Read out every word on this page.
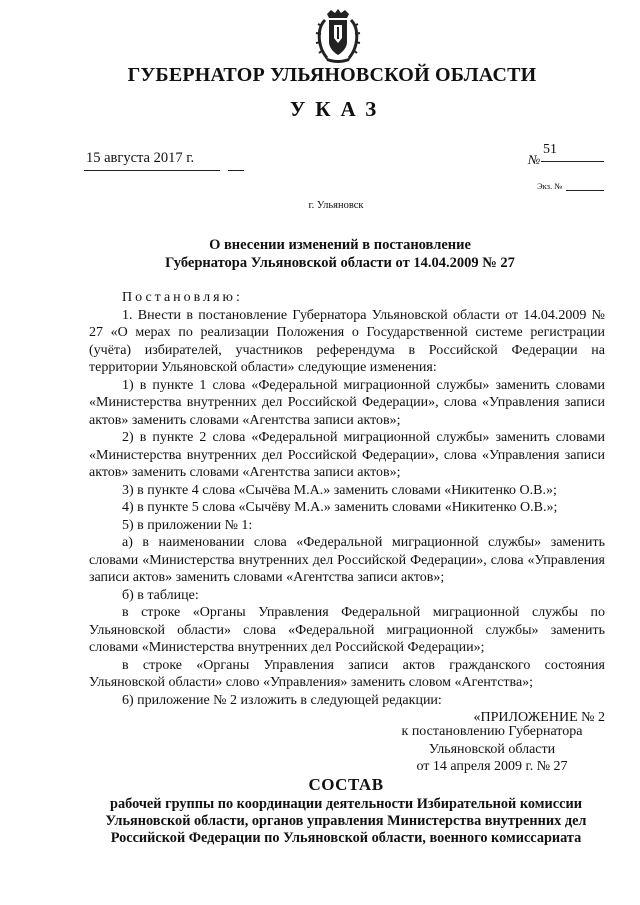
ГУБЕРНАТОР УЛЬЯНОВСКОЙ ОБЛАСТИ
УКАЗ
15 августа 2017 г.	№
51
Экз. №
г. Ульяновск
О внесении изменений в постановление
Губернатора Ульяновской области от 14.04.2009 № 27

Постановляю:

1. Внести в постановление Губернатора Ульяновской области от 14.04.2009 № 27 «О мерах по реализации Положения о Государственной системе регистрации (учёта) избирателей, участников референдума в Российской Федерации на территории Ульяновской области» следующие изменения:

1) в пункте 1 слова «Федеральной миграционной службы» заменить словами «Министерства внутренних дел Российской Федерации», слова «Управления записи актов» заменить словами «Агентства записи актов»;

2) в пункте 2 слова «Федеральной миграционной службы» заменить словами «Министерства внутренних дел Российской Федерации», слова «Управления записи актов» заменить словами «Агентства записи актов»;

3) в пункте 4 слова «Сычёва М.А.» заменить словами «Никитенко О.В.»;

4) в пункте 5 слова «Сычёву М.А.» заменить словами «Никитенко О.В.»;

5) в приложении № 1:

а) в наименовании слова «Федеральной миграционной службы» заменить словами «Министерства внутренних дел Российской Федерации», слова «Управления записи актов» заменить словами «Агентства записи актов»;

б) в таблице:

в строке «Органы Управления Федеральной миграционной службы по Ульяновской области» слова «Федеральной миграционной службы» заменить словами «Министерства внутренних дел Российской Федерации»;

в строке «Органы Управления записи актов гражданского состояния Ульяновской области» слово «Управления» заменить словом «Агентства»;

6) приложение № 2 изложить в следующей редакции:

«ПРИЛОЖЕНИЕ № 2

к постановлению Губернатора
Ульяновской области
от 14 апреля 2009 г. № 27
СОСТАВ
рабочей группы по координации деятельности Избирательной комиссии Ульяновской области, органов управления Министерства внутренних дел Российской Федерации по Ульяновской области, военного комиссариата
